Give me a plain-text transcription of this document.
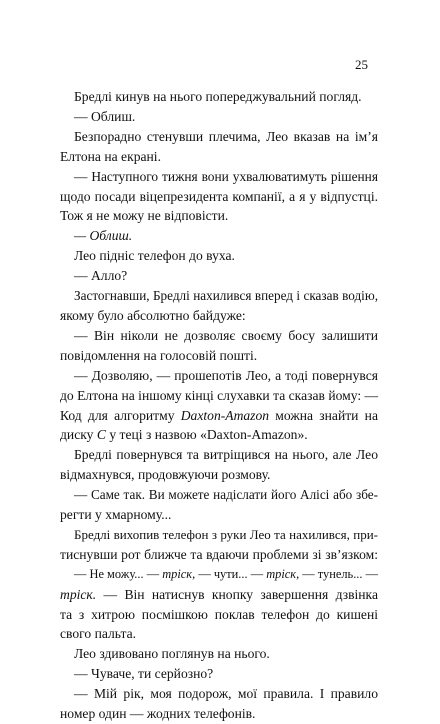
25
Бредлі кинув на нього попереджувальний погляд.
— Облиш.
Безпорадно стенувши плечима, Лео вказав на ім’я
Елтона на екрані.
— Наступного тижня вони ухвалюватимуть рішення
щодо посади віцепрезидента компанії, а я у відпустці.
Тож я не можу не відповісти.
— Облиш.
Лео підніс телефон до вуха.
— Алло?
Застогнавши, Бредлі нахилився вперед і сказав водію,
якому було абсолютно байдуже:
— Він ніколи не дозволяє своєму босу залишити
повідомлення на голосовій пошті.
— Дозволяю, — прошепотів Лео, а тоді повернувся
до Елтона на іншому кінці слухавки та сказав йому: —
Код для алгоритму Daxton-Amazon можна знайти на
диску C у теці з назвою «Daxton-Amazon».
Бредлі повернувся та витріщився на нього, але Лео
відмахнувся, продовжуючи розмову.
— Саме так. Ви можете надіслати його Алісі або збе-
регти у хмарному...
Бредлі вихопив телефон з руки Лео та нахилився, при-
тиснувши рот ближче та вдаючи проблеми зі зв’язком:
— Не можу... — тріск, — чути... — тріск, — тунель... —
тріск. — Він натиснув кнопку завершення дзвінка
та з хитрою посмішкою поклав телефон до кишені
свого пальта.
Лео здивовано поглянув на нього.
— Чуваче, ти серйозно?
— Мій рік, моя подорож, мої правила. І правило
номер один — жодних телефонів.
